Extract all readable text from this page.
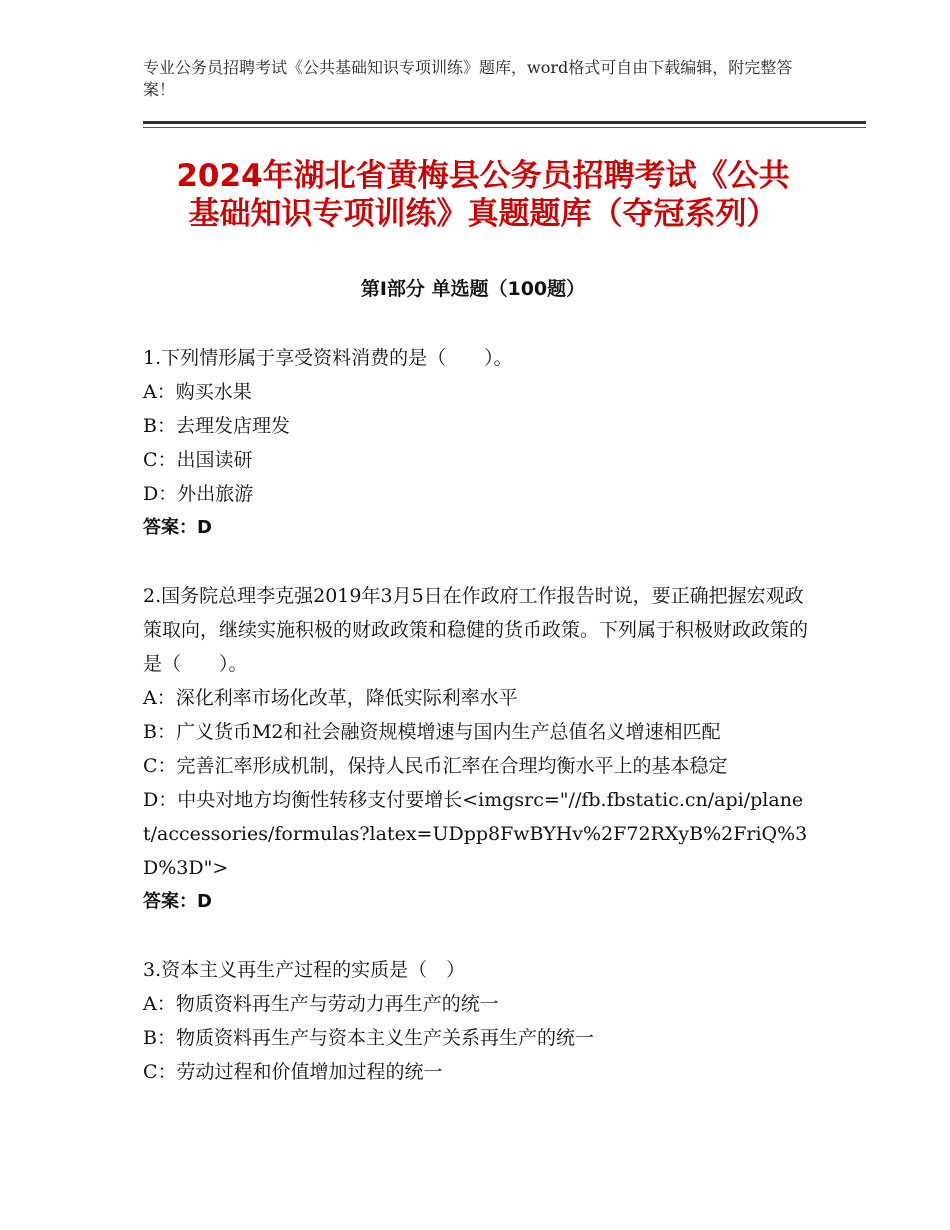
专业公务员招聘考试《公共基础知识专项训练》题库，word格式可自由下载编辑，附完整答案！
2024年湖北省黄梅县公务员招聘考试《公共
基础知识专项训练》真题题库（夺冠系列）
第Ⅰ部分 单选题（100题）
1.下列情形属于享受资料消费的是（　　）。
A：购买水果
B：去理发店理发
C：出国读研
D：外出旅游
答案：D
2.国务院总理李克强2019年3月5日在作政府工作报告时说，要正确把握宏观政策取向，继续实施积极的财政政策和稳健的货币政策。下列属于积极财政政策的是（　　）。
A：深化利率市场化改革，降低实际利率水平
B：广义货币M2和社会融资规模增速与国内生产总值名义增速相匹配
C：完善汇率形成机制，保持人民币汇率在合理均衡水平上的基本稳定
D：中央对地方均衡性转移支付要增长<imgsrc="//fb.fbstatic.cn/api/planet/accessories/formulas?latex=UDpp8FwBYHv%2F72RXyB%2FriQ%3D%3D">
答案：D
3.资本主义再生产过程的实质是（　）
A：物质资料再生产与劳动力再生产的统一
B：物质资料再生产与资本主义生产关系再生产的统一
C：劳动过程和价值增加过程的统一
